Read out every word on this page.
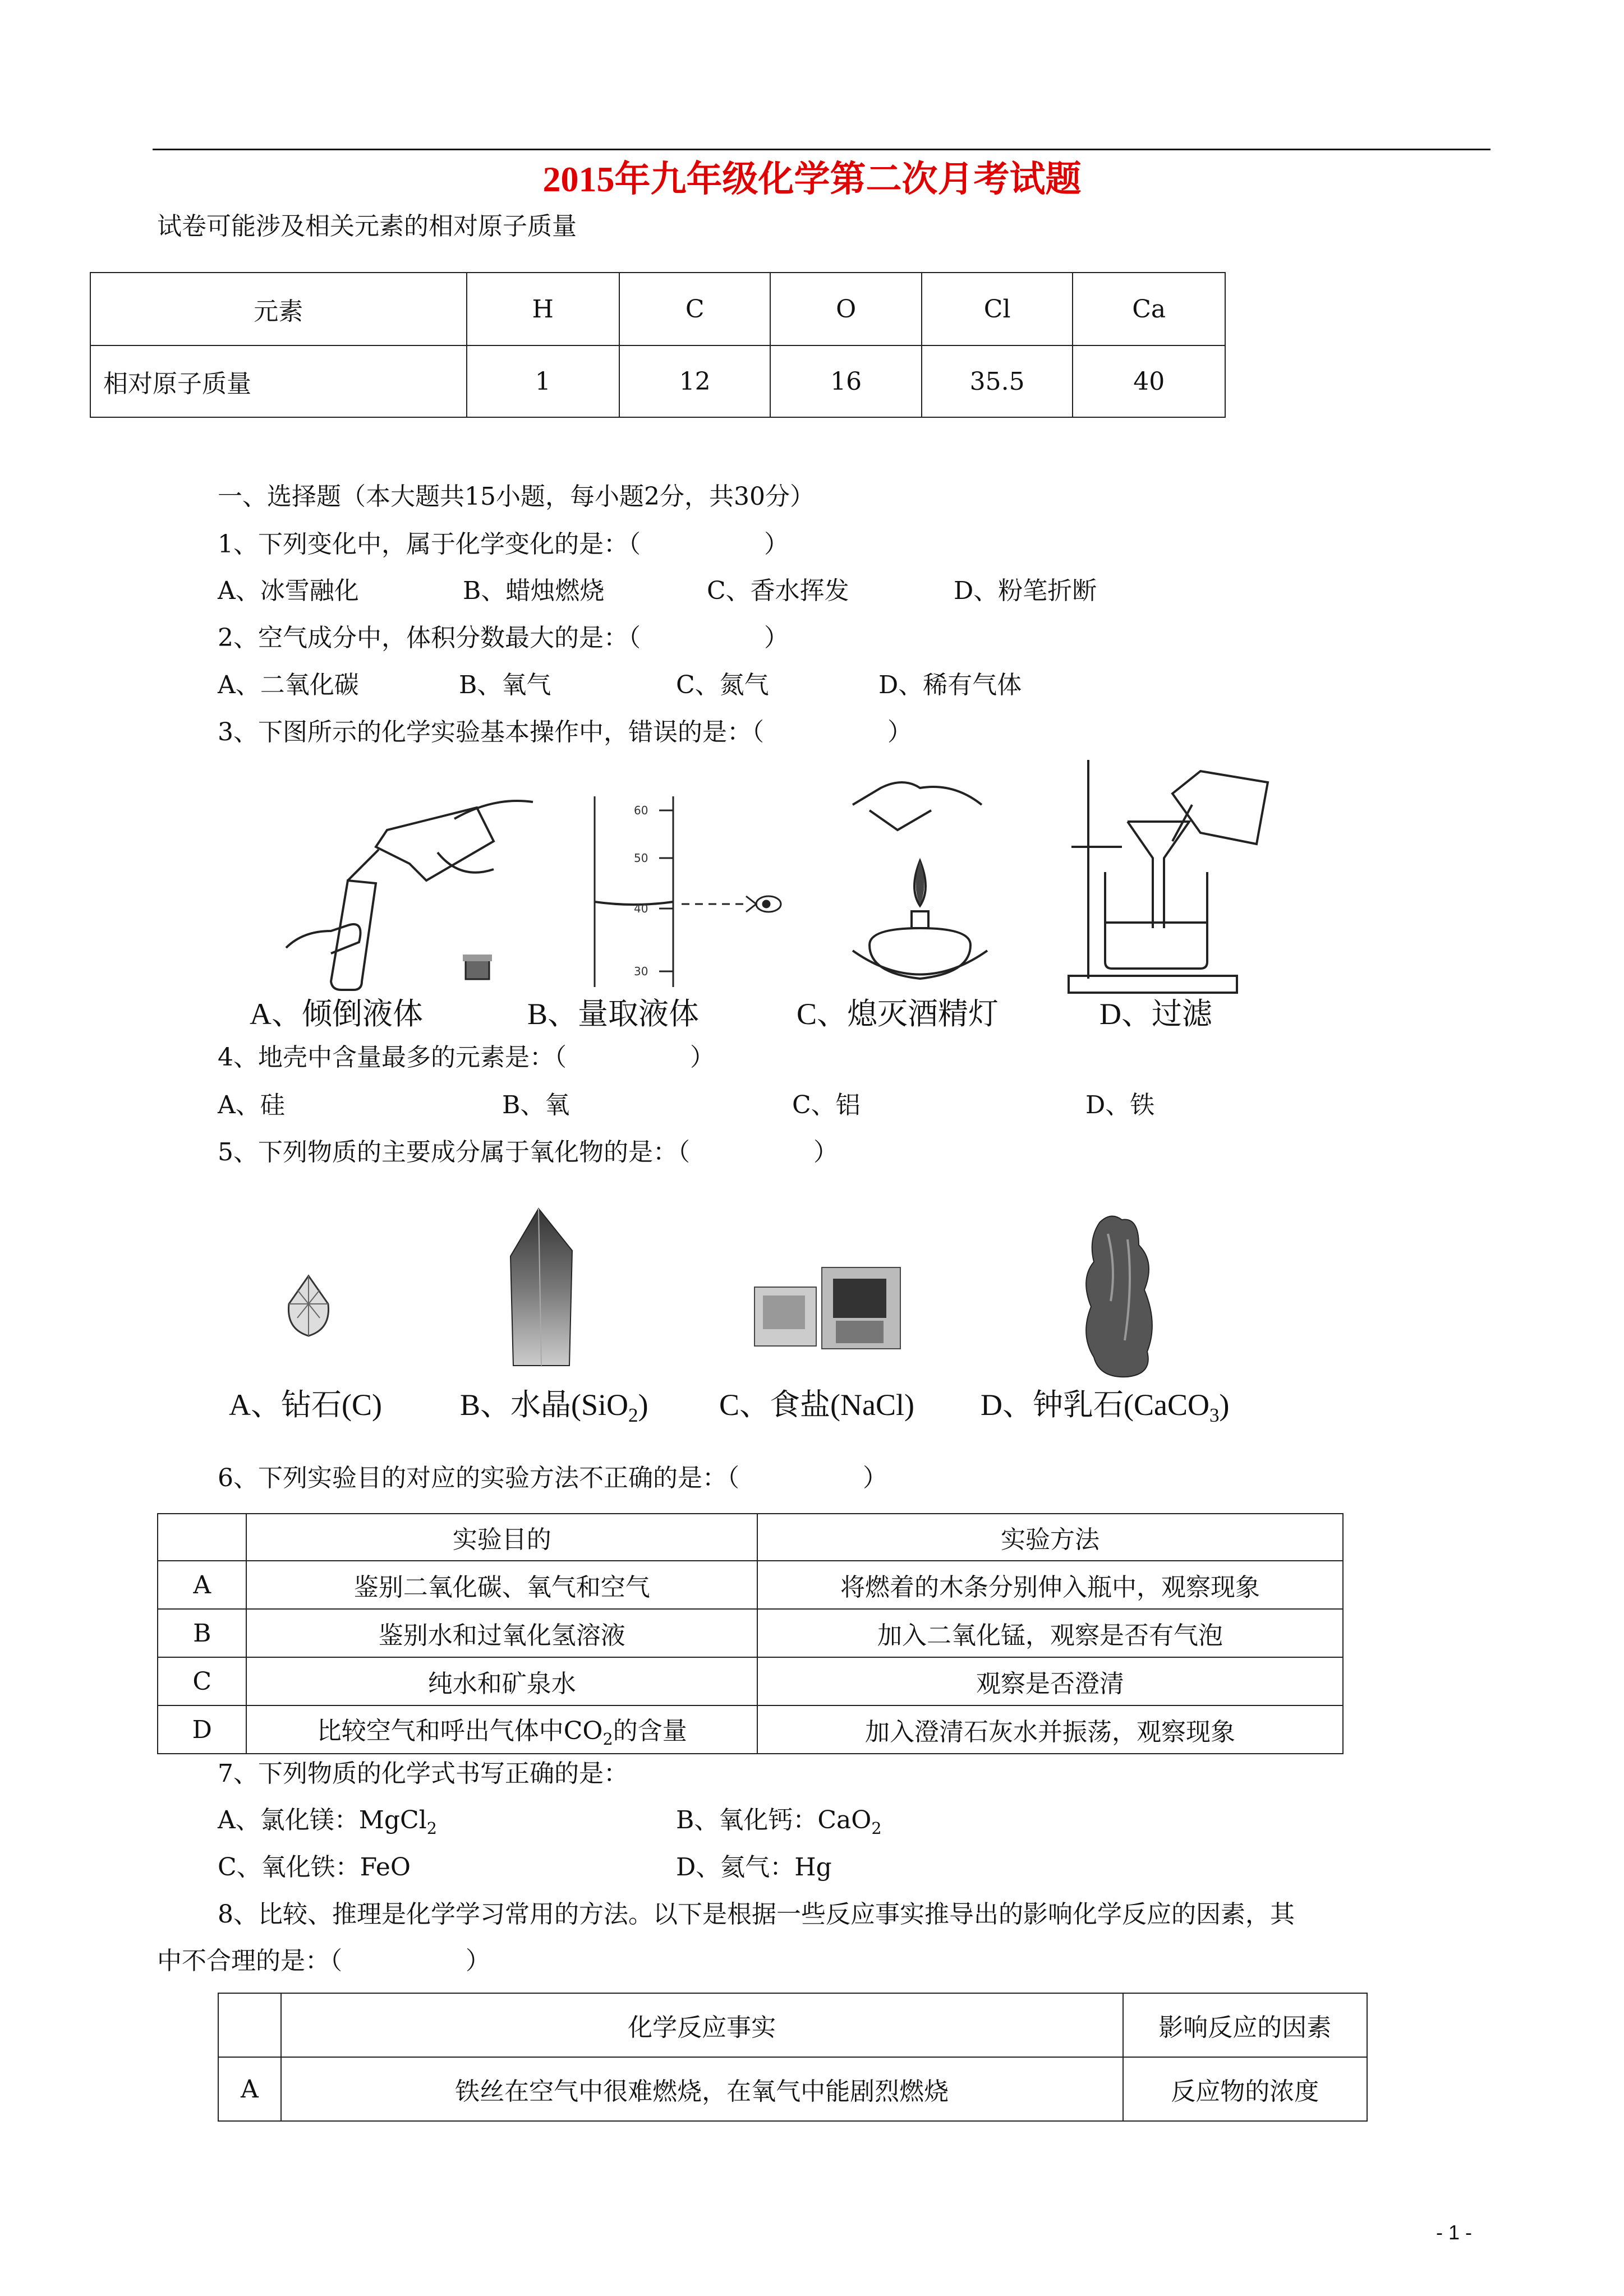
2015年九年级化学第二次月考试题
试卷可能涉及相关元素的相对原子质量
元素	H	C	O	Cl	Ca
相对原子质量	1	12	16	35.5	40
一、选择题（本大题共15小题，每小题2分，共30分）
1、下列变化中，属于化学变化的是：（　　　　　）
A、冰雪融化	B、蜡烛燃烧	C、香水挥发	D、粉笔折断
2、空气成分中，体积分数最大的是：（　　　　　）
A、二氧化碳	B、氧气	C、氮气	D、稀有气体
3、下图所示的化学实验基本操作中，错误的是：（　　　　　）
60
50
40
30
A、倾倒液体	B、量取液体	C、熄灭酒精灯	D、过滤
4、地壳中含量最多的元素是：（　　　　　）
A、硅	B、氧	C、铝	D、铁
5、下列物质的主要成分属于氧化物的是：（　　　　　）
A、钻石(C)	B、水晶(SiO$_2$) C、食盐(NaCl) D、钟乳石(CaCO$_3$)
6、下列实验目的对应的实验方法不正确的是：（　　　　　）
	实验目的	实验方法
A	鉴别二氧化碳、氧气和空气	将燃着的木条分别伸入瓶中，观察现象
B	鉴别水和过氧化氢溶液	加入二氧化锰，观察是否有气泡
C	纯水和矿泉水	观察是否澄清
D	比较空气和呼出气体中$CO_2$的含量	加入澄清石灰水并振荡，观察现象
7、下列物质的化学式书写正确的是：
A、氯化镁：MgCl$_2$	B、氧化钙：CaO$_2$
C、氧化铁：FeO	D、氦气：Hg
8、比较、推理是化学学习常用的方法。以下是根据一些反应事实推导出的影响化学反应的因素，其
中不合理的是：（　　　　　）
	化学反应事实	影响反应的因素
A	铁丝在空气中很难燃烧，在氧气中能剧烈燃烧	反应物的浓度
- 1 -
